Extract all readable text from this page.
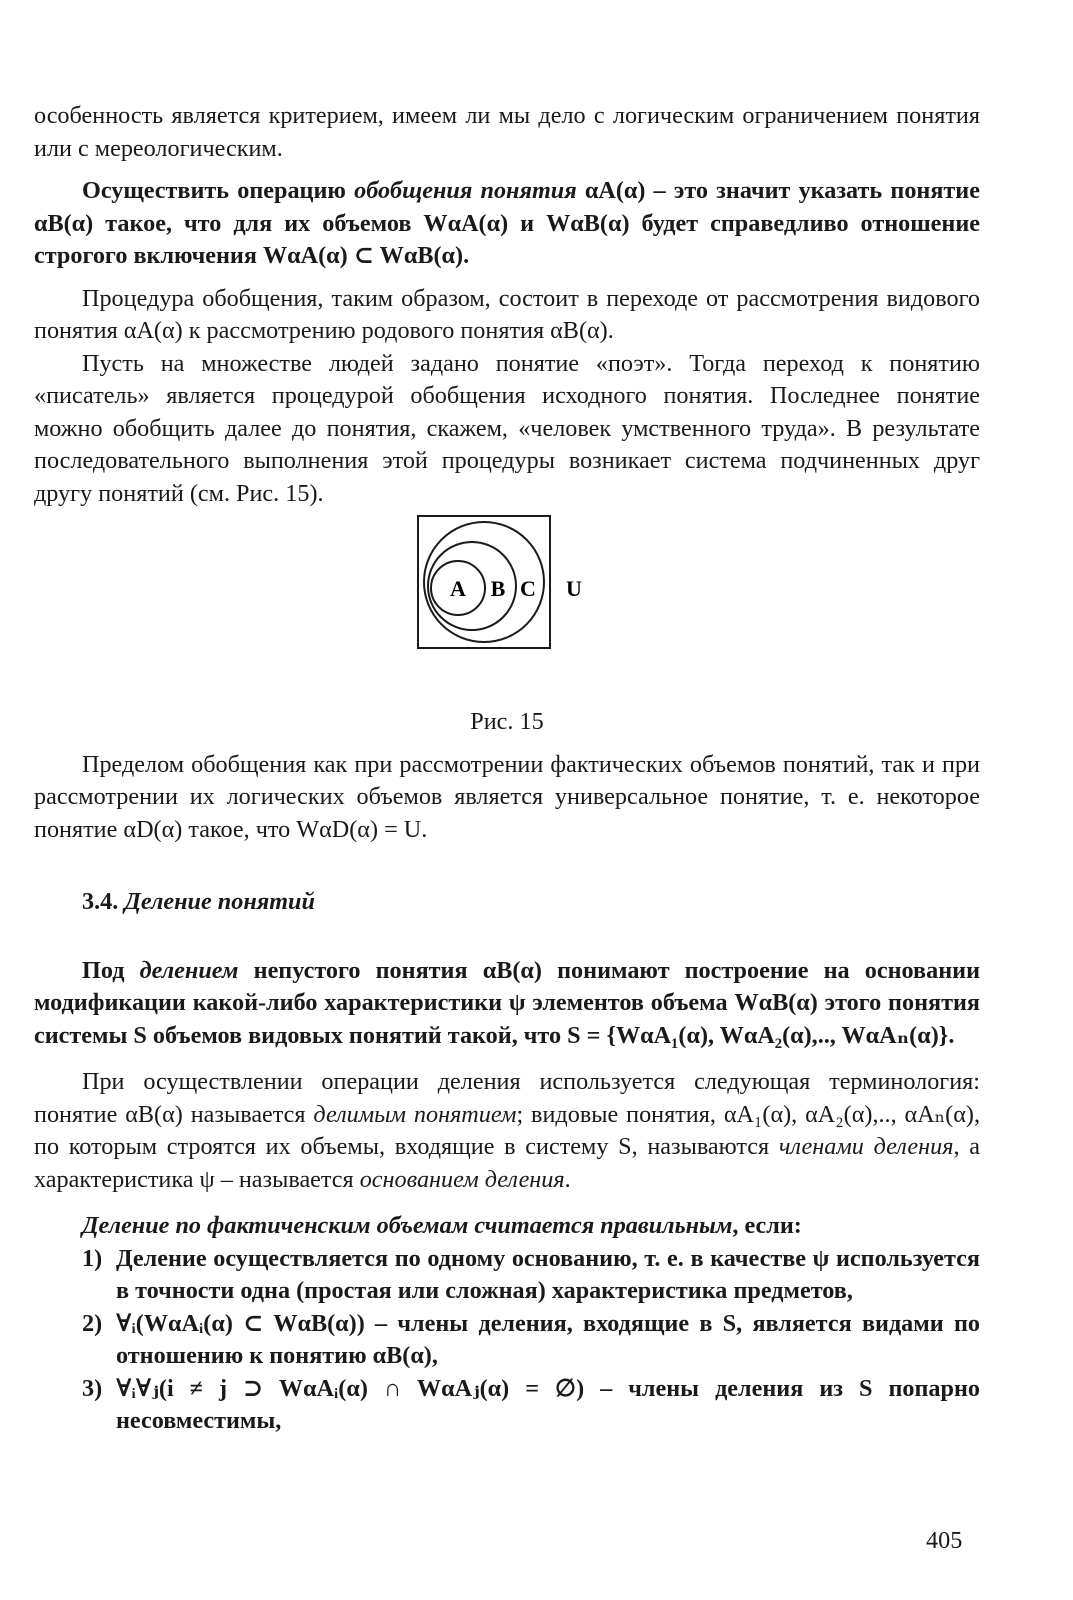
особенность является критерием, имеем ли мы дело с логическим ограничением понятия или с мереологическим.

Осуществить операцию обобщения понятия αA(α) – это значит указать понятие αB(α) такое, что для их объемов WαA(α) и WαB(α) будет справедливо отношение строгого включения WαA(α) ⊂ WαB(α).

Процедура обобщения, таким образом, состоит в переходе от рассмотрения видового понятия αA(α) к рассмотрению родового понятия αB(α).

Пусть на множестве людей задано понятие «поэт». Тогда переход к понятию «писатель» является процедурой обобщения исходного понятия. Последнее понятие можно обобщить далее до понятия, скажем, «человек умственного труда». В результате последовательного выполнения этой процедуры возникает система подчиненных друг другу понятий (см. Рис. 15).

A B C U

Рис. 15

Пределом обобщения как при рассмотрении фактических объемов понятий, так и при рассмотрении их логических объемов является универсальное понятие, т. е. некоторое понятие αD(α) такое, что WαD(α) = U.

3.4. Деление понятий

Под делением непустого понятия αB(α) понимают построение на основании модификации какой-либо характеристики ψ элементов объема WαB(α) этого понятия системы S объемов видовых понятий такой, что S = {WαA₁(α), WαA₂(α),.., WαAₙ(α)}.

При осуществлении операции деления используется следующая терминология: понятие αB(α) называется делимым понятием; видовые понятия, αA₁(α), αA₂(α),.., αAₙ(α), по которым строятся их объемы, входящие в систему S, называются членами деления, а характеристика ψ – называется основанием деления.

Деление по фактиченским объемам считается правильным, если:

1) Деление осуществляется по одному основанию, т. е. в качестве ψ используется в точности одна (простая или сложная) характеристика предметов,
2) ∀ᵢ(WαAᵢ(α) ⊂ WαB(α)) – члены деления, входящие в S, является видами по отношению к понятию αB(α),
3) ∀ᵢ∀ⱼ(i ≠ j ⊃ WαAᵢ(α) ∩ WαAⱼ(α) = ∅) – члены деления из S попарно несовместимы,
405
